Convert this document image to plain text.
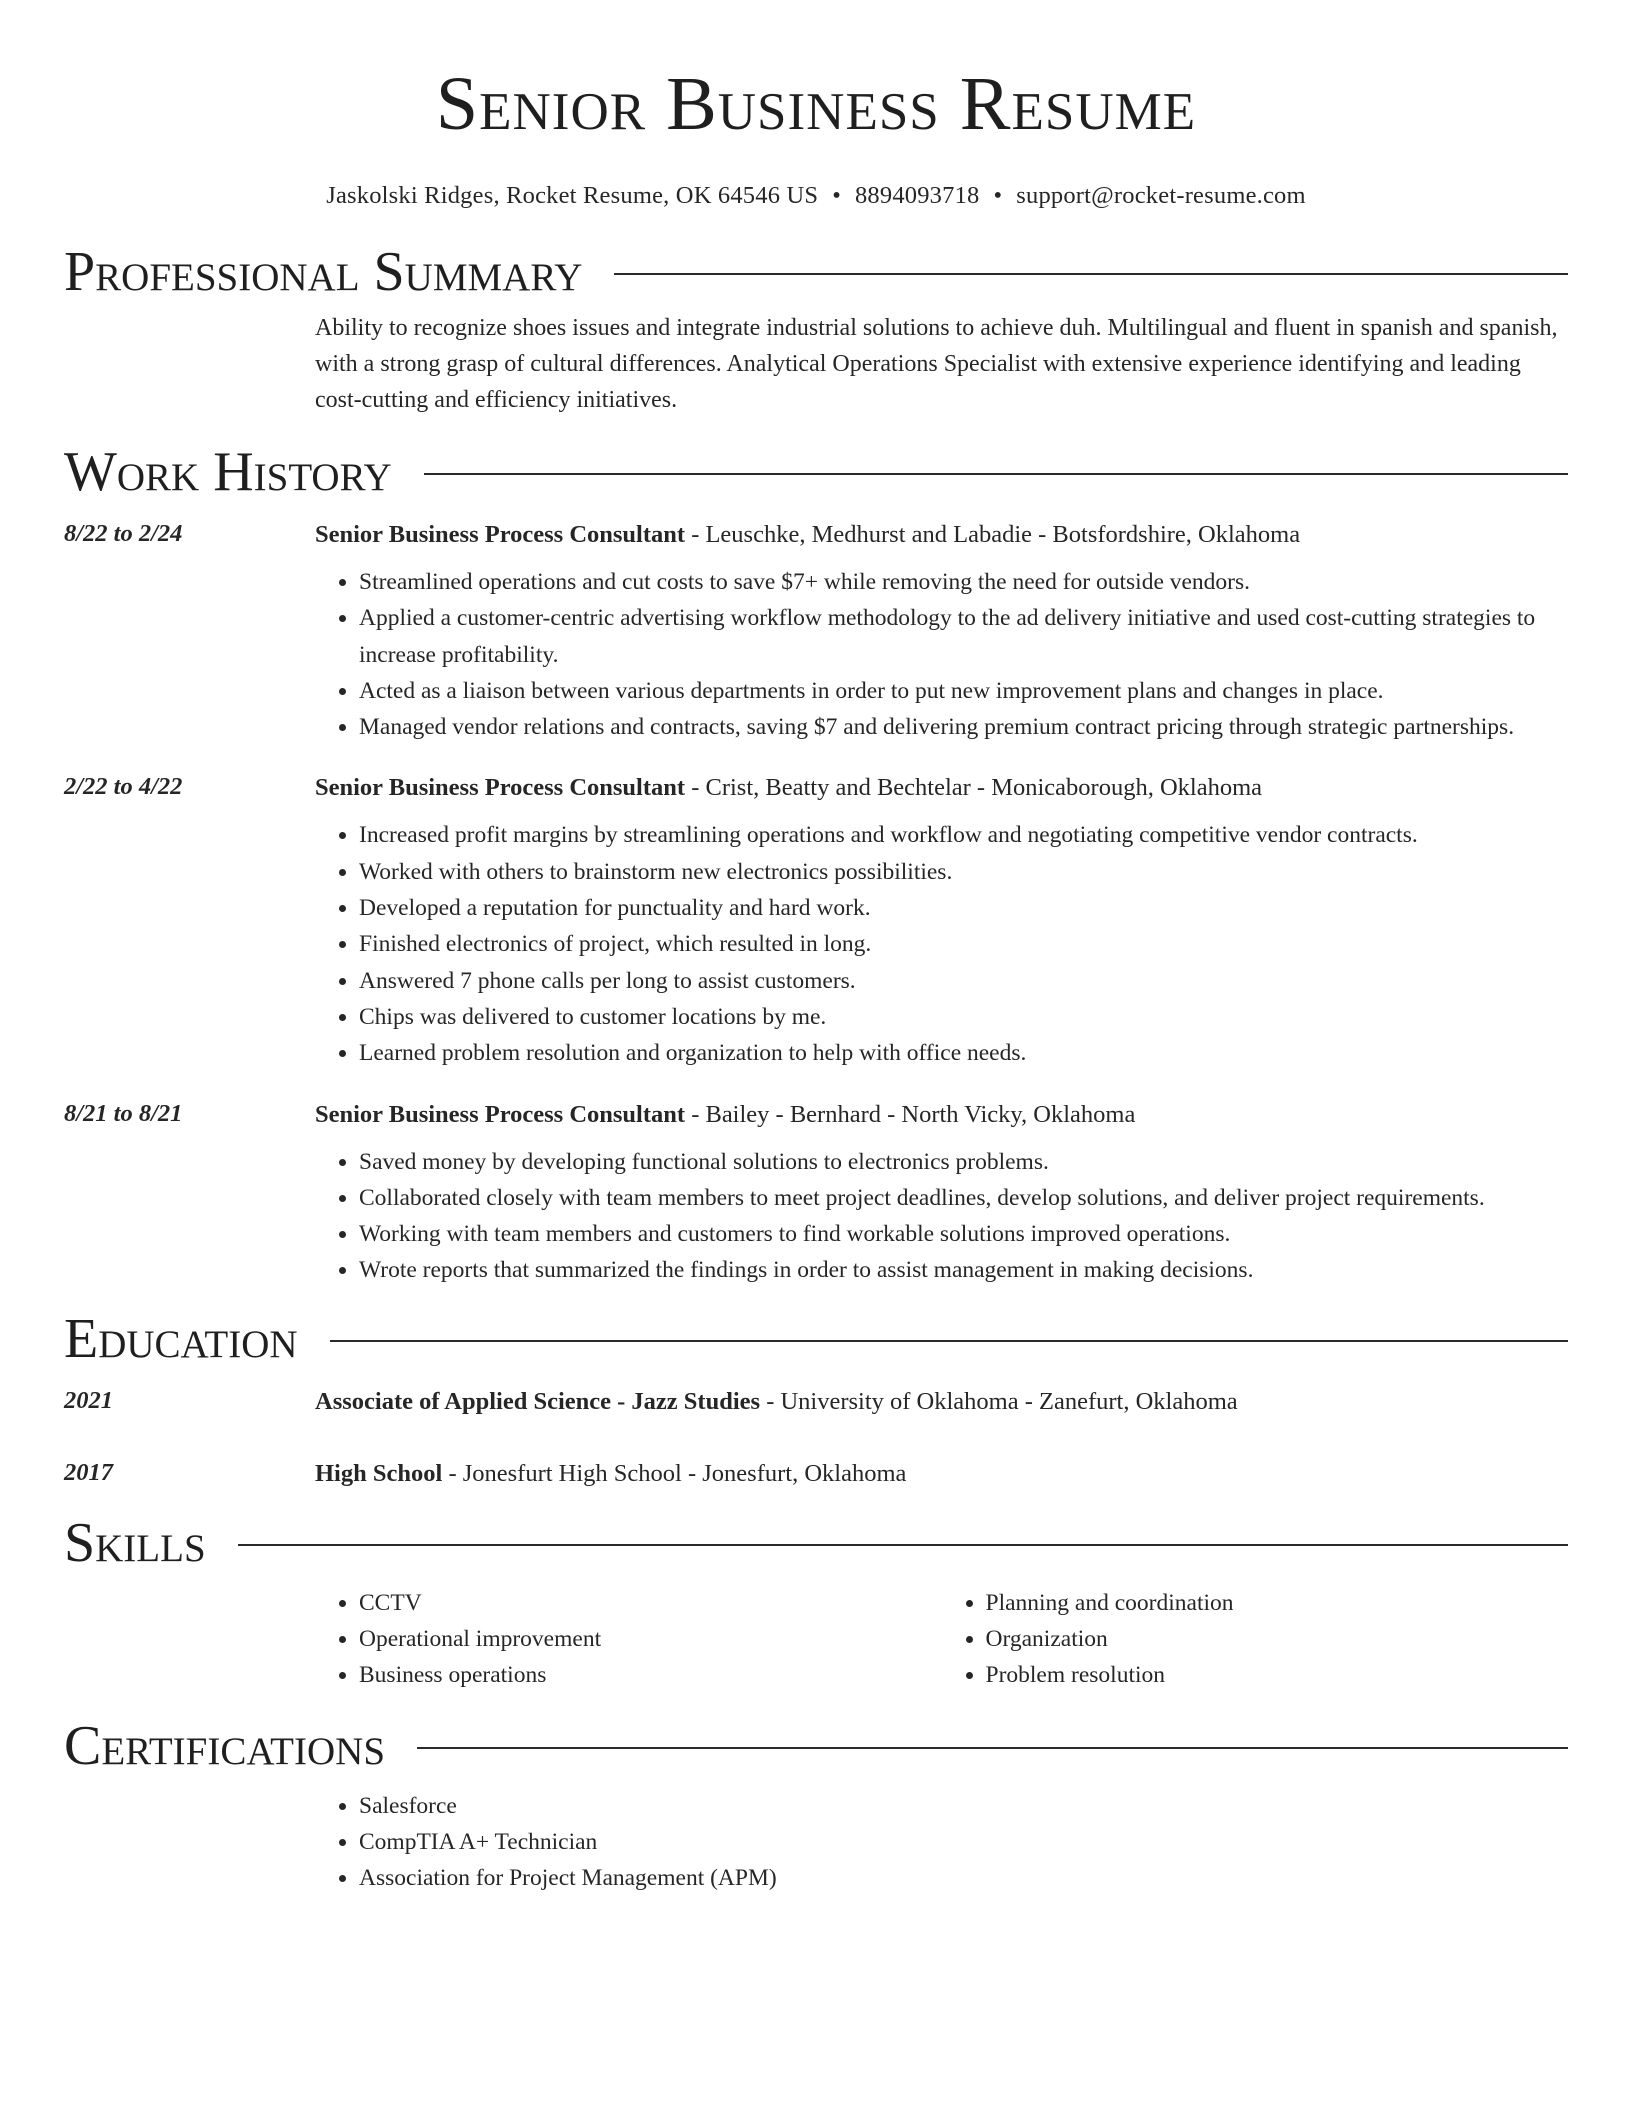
Senior Business Resume
Jaskolski Ridges, Rocket Resume, OK 64546 US • 8894093718 • support@rocket-resume.com
Professional Summary
Ability to recognize shoes issues and integrate industrial solutions to achieve duh. Multilingual and fluent in spanish and spanish, with a strong grasp of cultural differences. Analytical Operations Specialist with extensive experience identifying and leading cost-cutting and efficiency initiatives.
Work History
8/22 to 2/24	Senior Business Process Consultant - Leuschke, Medhurst and Labadie - Botsfordshire, Oklahoma
• Streamlined operations and cut costs to save $7+ while removing the need for outside vendors.
• Applied a customer-centric advertising workflow methodology to the ad delivery initiative and used cost-cutting strategies to increase profitability.
• Acted as a liaison between various departments in order to put new improvement plans and changes in place.
• Managed vendor relations and contracts, saving $7 and delivering premium contract pricing through strategic partnerships.
2/22 to 4/22	Senior Business Process Consultant - Crist, Beatty and Bechtelar - Monicaborough, Oklahoma
• Increased profit margins by streamlining operations and workflow and negotiating competitive vendor contracts.
• Worked with others to brainstorm new electronics possibilities.
• Developed a reputation for punctuality and hard work.
• Finished electronics of project, which resulted in long.
• Answered 7 phone calls per long to assist customers.
• Chips was delivered to customer locations by me.
• Learned problem resolution and organization to help with office needs.
8/21 to 8/21	Senior Business Process Consultant - Bailey - Bernhard - North Vicky, Oklahoma
• Saved money by developing functional solutions to electronics problems.
• Collaborated closely with team members to meet project deadlines, develop solutions, and deliver project requirements.
• Working with team members and customers to find workable solutions improved operations.
• Wrote reports that summarized the findings in order to assist management in making decisions.
Education
2021	Associate of Applied Science - Jazz Studies - University of Oklahoma - Zanefurt, Oklahoma
2017	High School - Jonesfurt High School - Jonesfurt, Oklahoma
Skills
• CCTV
• Operational improvement
• Business operations
• Planning and coordination
• Organization
• Problem resolution
Certifications
• Salesforce
• CompTIA A+ Technician
• Association for Project Management (APM)
